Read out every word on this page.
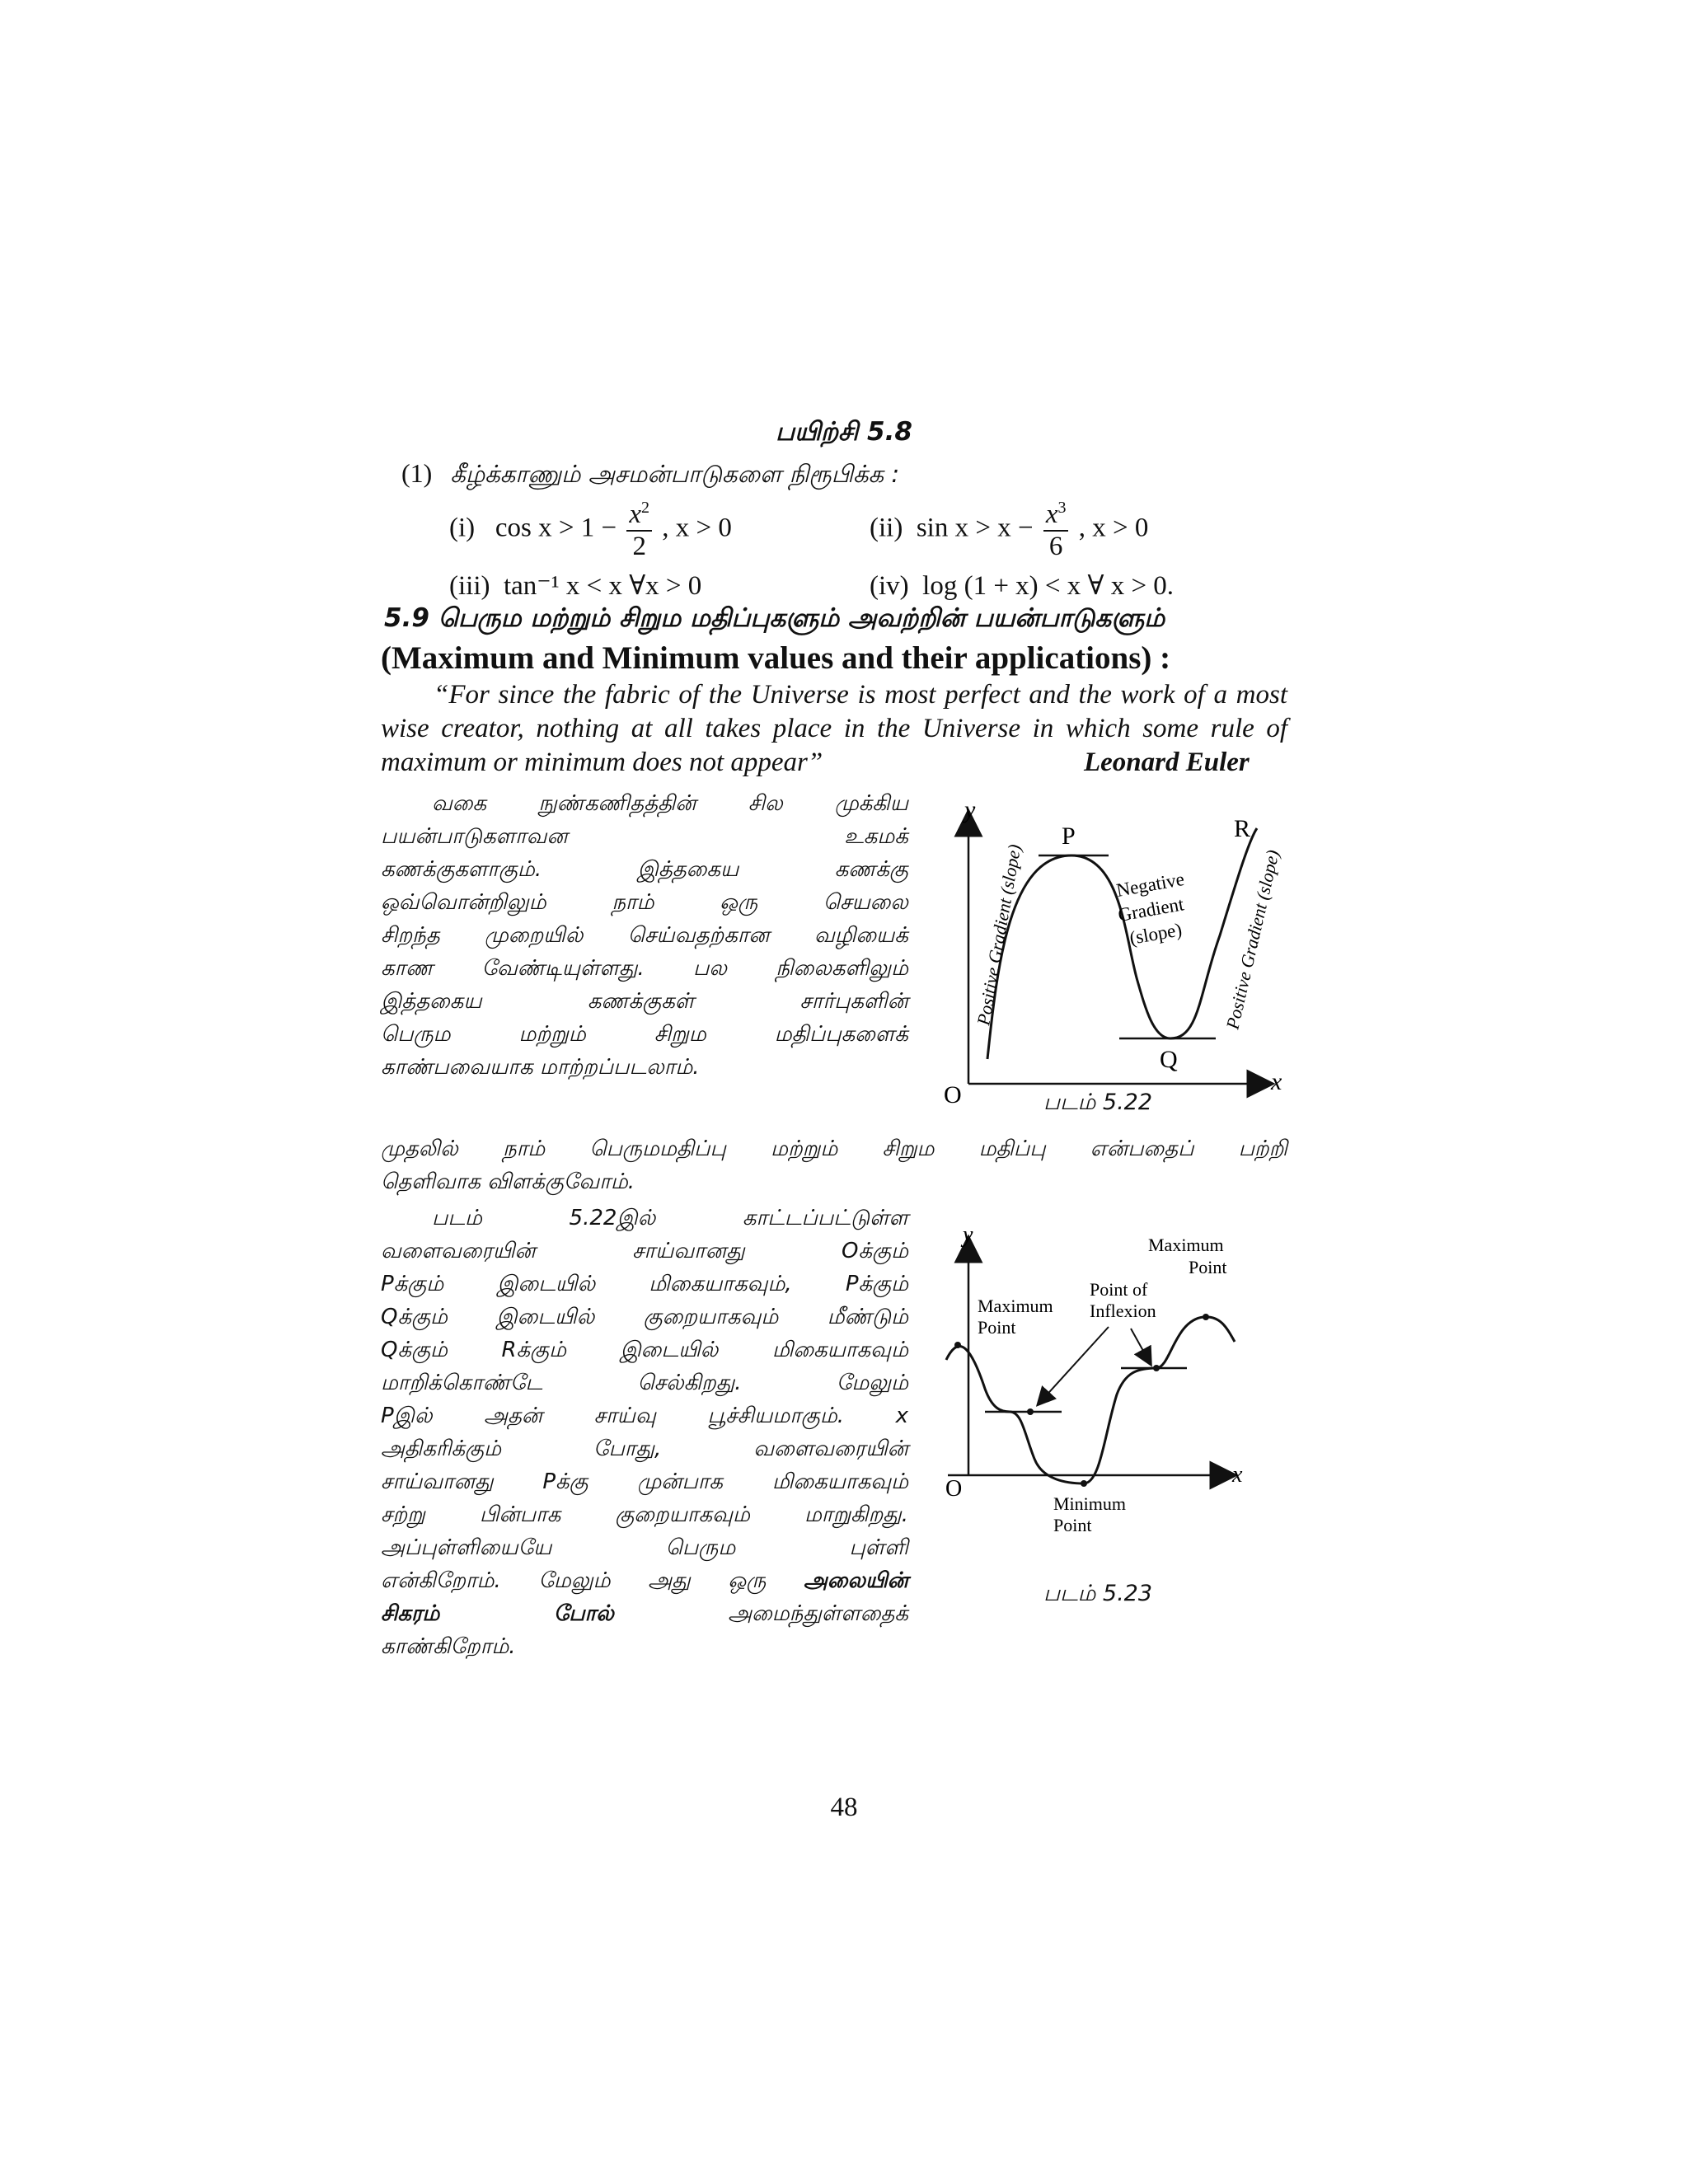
பயிற்சி 5.8
(1) கீழ்க்காணும் அசமன்பாடுகளை நிரூபிக்க :
(i) $\cos x > 1 - \frac{x^2}{2}$ , x > 0	(ii) $\sin x > x - \frac{x^3}{6}$ , x > 0
(iii) tan⁻¹ x < x ∀x > 0	(iv) log (1 + x) < x ∀ x > 0.
5.9 பெரும மற்றும் சிறும மதிப்புகளும் அவற்றின் பயன்பாடுகளும்
(Maximum and Minimum values and their applications) :
“For since the fabric of the Universe is most perfect and the work of a most wise creator, nothing at all takes place in the Universe in which some rule of maximum or minimum does not appear”	Leonard Euler
வகை நுண்கணிதத்தின் சில முக்கிய
பயன்பாடுகளாவன உகமக்
கணக்குகளாகும். இத்தகைய கணக்கு
ஒவ்வொன்றிலும் நாம் ஒரு செயலை
சிறந்த முறையில் செய்வதற்கான வழியைக்
காண வேண்டியுள்ளது. பல நிலைகளிலும்
இத்தகைய கணக்குகள் சார்புகளின்
பெரும மற்றும் சிறும மதிப்புகளைக்
காண்பவையாக மாற்றப்படலாம்.
முதலில் நாம் பெருமமதிப்பு மற்றும் சிறும மதிப்பு என்பதைப் பற்றி
தெளிவாக விளக்குவோம்.
y
x
O
P
Q
R
Positive Gradient (slope)	Negative
Gradient
(slope) Positive Gradient (slope)
படம் 5.22
படம் 5.22இல் காட்டப்பட்டுள்ள
வளைவரையின் சாய்வானது Oக்கும்
Pக்கும் இடையில் மிகையாகவும், Pக்கும்
Qக்கும் இடையில் குறையாகவும் மீண்டும்
Qக்கும் Rக்கும் இடையில் மிகையாகவும்
மாறிக்கொண்டே செல்கிறது. மேலும்
Pஇல் அதன் சாய்வு பூச்சியமாகும். x
அதிகரிக்கும் போது, வளைவரையின்
சாய்வானது Pக்கு முன்பாக மிகையாகவும்
சற்று பின்பாக குறையாகவும் மாறுகிறது.
அப்புள்ளியையே பெரும புள்ளி
என்கிறோம். மேலும் அது ஒரு அலையின்
சிகரம்	போல்	அமைந்துள்ளதைக்
காண்கிறோம்.
y
x
O
Maximum
Point
Point of
Inflexion
Maximum
Point
Minimum
Point
படம் 5.23
48
